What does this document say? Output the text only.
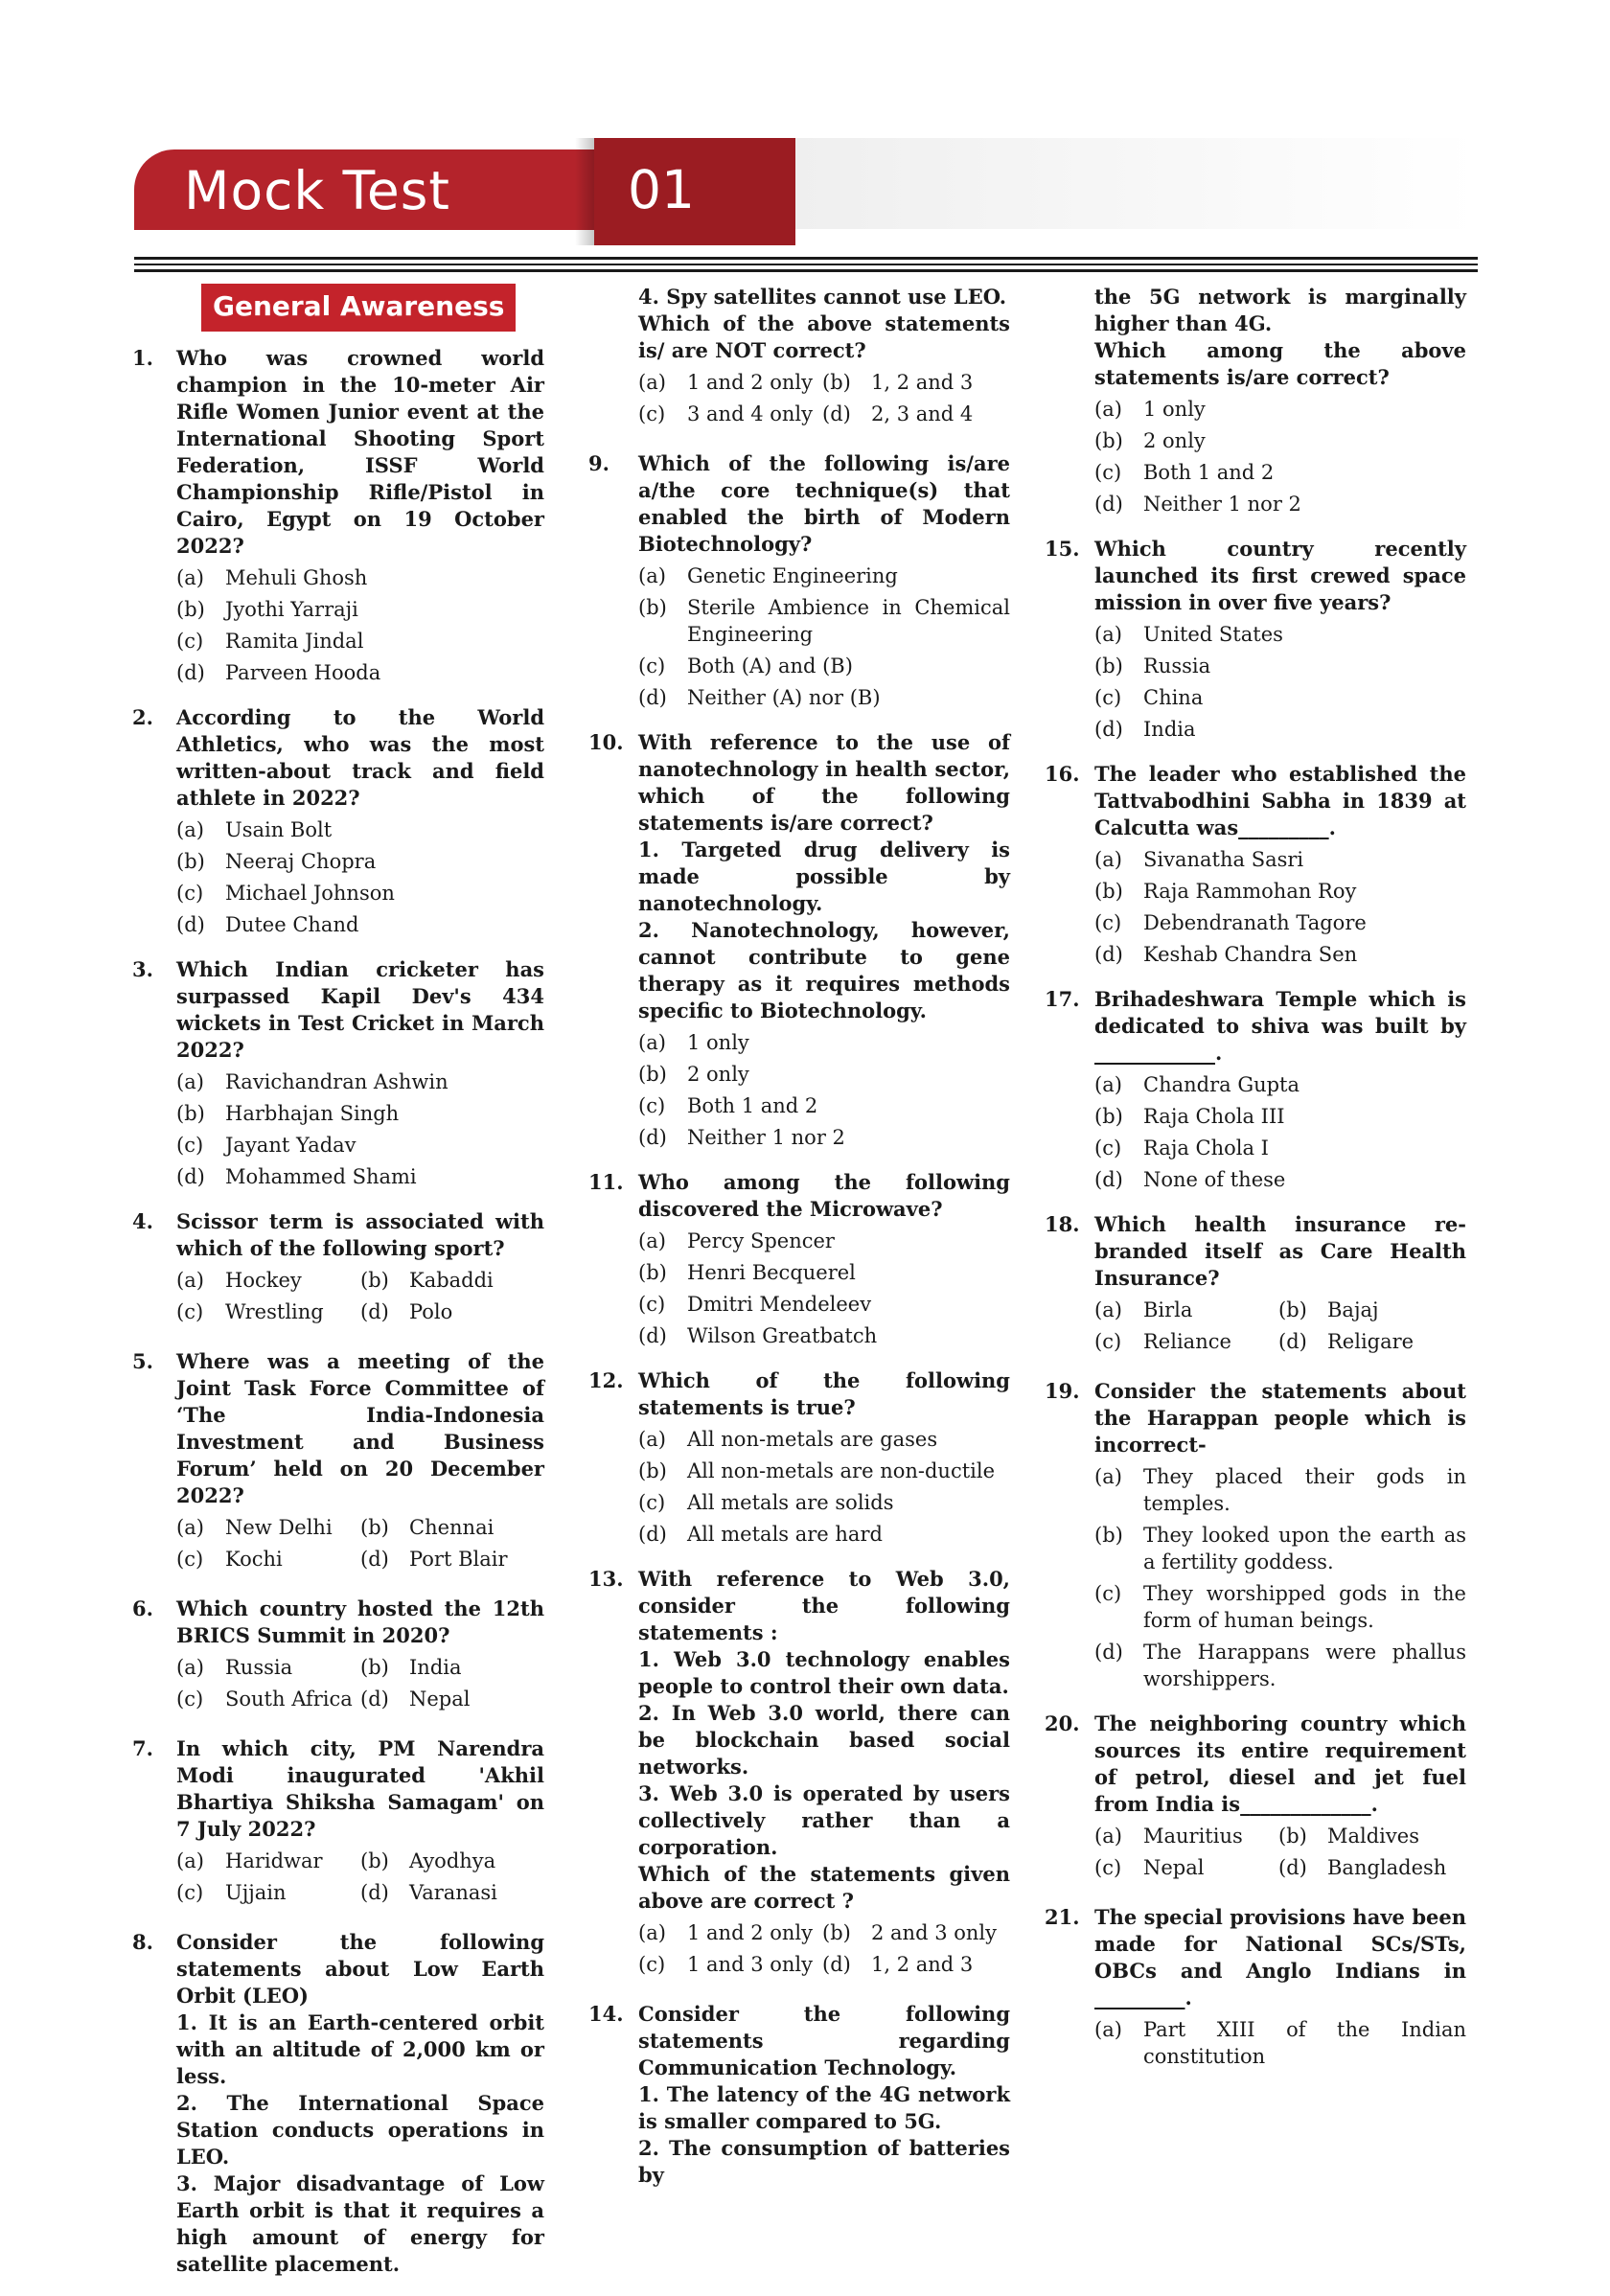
Mock Test	01
General Awareness
1. Who was crowned world champion in the 10-meter Air Rifle Women Junior event at the International Shooting Sport Federation, ISSF World Championship Rifle/Pistol in Cairo, Egypt on 19 October 2022?
(a)	Mehuli Ghosh
(b)	Jyothi Yarraji
(c)	Ramita Jindal
(d)	Parveen Hooda
2. According to the World Athletics, who was the most written-about track and field athlete in 2022?
(a)	Usain Bolt
(b)	Neeraj Chopra
(c)	Michael Johnson
(d)	Dutee Chand
3. Which Indian cricketer has surpassed Kapil Dev's 434 wickets in Test Cricket in March 2022?
(a)	Ravichandran Ashwin
(b)	Harbhajan Singh
(c)	Jayant Yadav
(d)	Mohammed Shami
4. Scissor term is associated with which of the following sport?
(a)	Hockey	(b)	Kabaddi
(c)	Wrestling	(d)	Polo
5. Where was a meeting of the Joint Task Force Committee of ‘The India-Indonesia Investment and Business Forum’ held on 20 December 2022?
(a)	New Delhi	(b)	Chennai
(c)	Kochi	(d)	Port Blair
6. Which country hosted the 12th BRICS Summit in 2020?
(a)	Russia	(b)	India
(c)	South Africa (d)	Nepal
7. In which city, PM Narendra Modi inaugurated 'Akhil Bhartiya Shiksha Samagam' on 7 July 2022?
(a)	Haridwar	(b)	Ayodhya
(c)	Ujjain	(d)	Varanasi
8. Consider the following statements about Low Earth Orbit (LEO)
1. It is an Earth-centered orbit with an altitude of 2,000 km or less.
2. The International Space Station conducts operations in LEO.
3. Major disadvantage of Low Earth orbit is that it requires a high amount of energy for satellite placement.
4. Spy satellites cannot use LEO.
Which of the above statements is/ are NOT correct?
(a)	1 and 2 only (b)	1, 2 and 3
(c)	3 and 4 only (d)	2, 3 and 4
9. Which of the following is/are a/the core technique(s) that enabled the birth of Modern Biotechnology?
(a)	Genetic Engineering
(b)	Sterile Ambience in Chemical Engineering
(c)	Both (A) and (B)
(d)	Neither (A) nor (B)
10. With reference to the use of nanotechnology in health sector, which of the following statements is/are correct?
1. Targeted drug delivery is made possible by nanotechnology.
2. Nanotechnology, however, cannot contribute to gene therapy as it requires methods specific to Biotechnology.
(a)	1 only
(b)	2 only
(c)	Both 1 and 2
(d)	Neither 1 nor 2
11. Who among the following discovered the Microwave?
(a)	Percy Spencer
(b)	Henri Becquerel
(c)	Dmitri Mendeleev
(d)	Wilson Greatbatch
12. Which of the following statements is true?
(a)	All non-metals are gases
(b)	All non-metals are non-ductile
(c)	All metals are solids
(d)	All metals are hard
13. With reference to Web 3.0, consider the following statements :
1. Web 3.0 technology enables people to control their own data.
2. In Web 3.0 world, there can be blockchain based social networks.
3. Web 3.0 is operated by users collectively rather than a corporation.
Which of the statements given above are correct ?
(a)	1 and 2 only (b)	2 and 3 only
(c)	1 and 3 only (d)	1, 2 and 3
14. Consider the following statements regarding Communication Technology.
1. The latency of the 4G network is smaller compared to 5G.
2. The consumption of batteries by
the 5G network is marginally higher than 4G.
Which among the above statements is/are correct?
(a)	1 only
(b)	2 only
(c)	Both 1 and 2
(d)	Neither 1 nor 2
15. Which country recently launched its first crewed space mission in over five years?
(a)	United States
(b)	Russia
(c)	China
(d)	India
16. The leader who established the Tattvabodhini Sabha in 1839 at Calcutta was_________.
(a)	Sivanatha Sasri
(b)	Raja Rammohan Roy
(c)	Debendranath Tagore
(d)	Keshab Chandra Sen
17. Brihadeshwara Temple which is dedicated to shiva was built by ____________.
(a)	Chandra Gupta
(b)	Raja Chola III
(c)	Raja Chola I
(d)	None of these
18. Which health insurance re-branded itself as Care Health Insurance?
(a)	Birla	(b)	Bajaj
(c)	Reliance	(d)	Religare
19. Consider the statements about the Harappan people which is incorrect-
(a)	They placed their gods in temples.
(b)	They looked upon the earth as a fertility goddess.
(c)	They worshipped gods in the form of human beings.
(d)	The Harappans were phallus worshippers.
20. The neighboring country which sources its entire requirement of petrol, diesel and jet fuel from India is_____________.
(a)	Mauritius	(b)	Maldives
(c)	Nepal	(d)	Bangladesh
21. The special provisions have been made for National SCs/STs, OBCs and Anglo Indians in _________.
(a)	Part XIII of the Indian constitution
